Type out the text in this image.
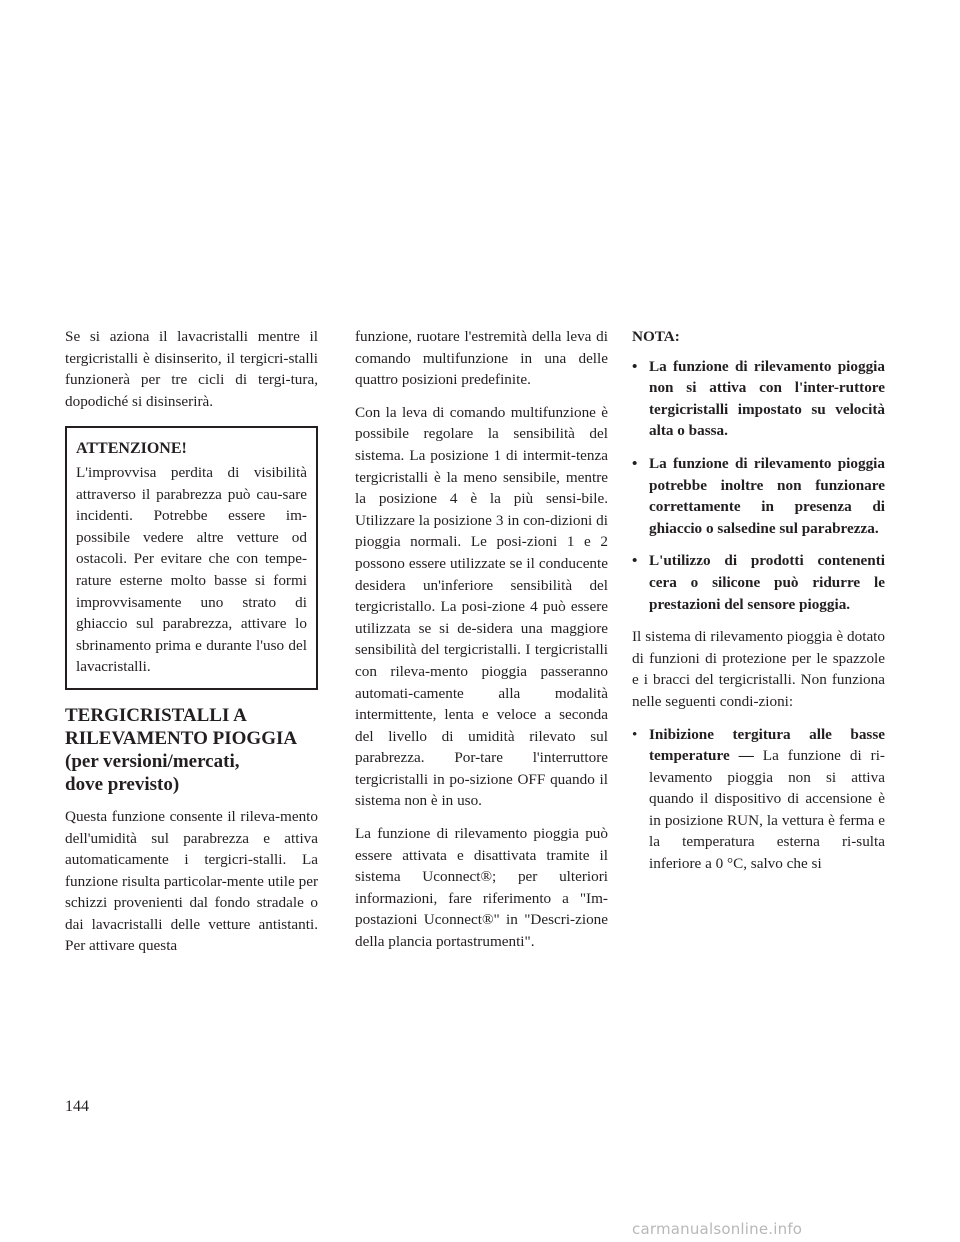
Se si aziona il lavacristalli mentre il tergicristalli è disinserito, il tergicri-stalli funzionerà per tre cicli di tergi-tura, dopodiché si disinserirà.

ATTENZIONE!

L'improvvisa perdita di visibilità attraverso il parabrezza può cau-sare incidenti. Potrebbe essere im-possibile vedere altre vetture od ostacoli. Per evitare che con tempe-rature esterne molto basse si formi improvvisamente uno strato di ghiaccio sul parabrezza, attivare lo sbrinamento prima e durante l'uso del lavacristalli.

TERGICRISTALLI A
RILEVAMENTO PIOGGIA
(per versioni/mercati,
dove previsto)

Questa funzione consente il rileva-mento dell'umidità sul parabrezza e attiva automaticamente i tergicri-stalli. La funzione risulta particolar-mente utile per schizzi provenienti dal fondo stradale o dai lavacristalli delle vetture antistanti. Per attivare questa

funzione, ruotare l'estremità della leva di comando multifunzione in una delle quattro posizioni predefinite.

Con la leva di comando multifunzione è possibile regolare la sensibilità del sistema. La posizione 1 di intermit-tenza tergicristalli è la meno sensibile, mentre la posizione 4 è la più sensi-bile. Utilizzare la posizione 3 in con-dizioni di pioggia normali. Le posi-zioni 1 e 2 possono essere utilizzate se il conducente desidera un'inferiore sensibilità del tergicristallo. La posi-zione 4 può essere utilizzata se si de-sidera una maggiore sensibilità del tergicristalli. I tergicristalli con rileva-mento pioggia passeranno automati-camente alla modalità intermittente, lenta e veloce a seconda del livello di umidità rilevato sul parabrezza. Por-tare l'interruttore tergicristalli in po-sizione OFF quando il sistema non è in uso.

La funzione di rilevamento pioggia può essere attivata e disattivata tramite il sistema Uconnect®; per ulteriori informazioni, fare riferimento a "Im-postazioni Uconnect®" in "Descri-zione della plancia portastrumenti".

NOTA:
• La funzione di rilevamento pioggia non si attiva con l'inter-ruttore tergicristalli impostato su velocità alta o bassa.
• La funzione di rilevamento pioggia potrebbe inoltre non funzionare correttamente in presenza di ghiaccio o salsedine sul parabrezza.
• L'utilizzo di prodotti contenenti cera o silicone può ridurre le prestazioni del sensore pioggia.

Il sistema di rilevamento pioggia è dotato di funzioni di protezione per le spazzole e i bracci del tergicristalli. Non funziona nelle seguenti condi-zioni:

• Inibizione tergitura alle basse temperature — La funzione di ri-levamento pioggia non si attiva quando il dispositivo di accensione è in posizione RUN, la vettura è ferma e la temperatura esterna ri-sulta inferiore a 0 °C, salvo che si
144
carmanualsonline.info
